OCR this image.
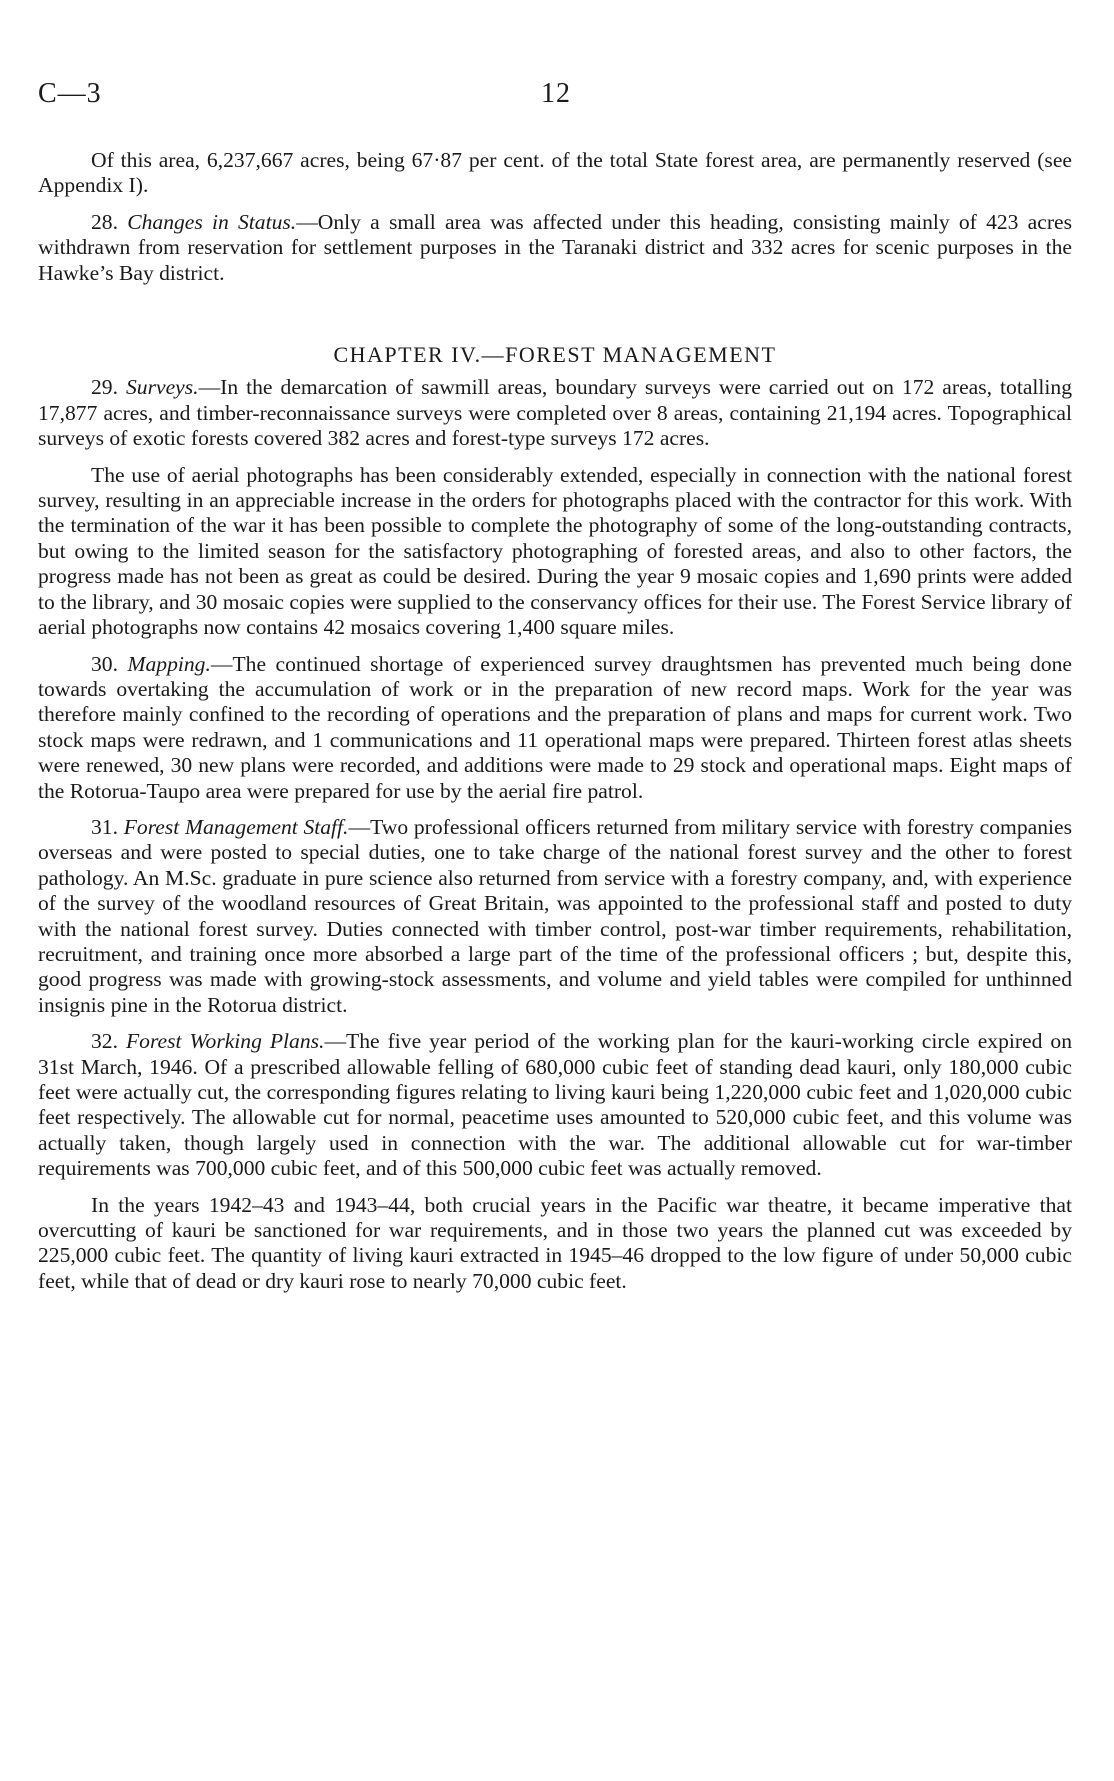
C—3	12

Of this area, 6,237,667 acres, being 67·87 per cent. of the total State forest area, are permanently reserved (see Appendix I).

28. Changes in Status.—Only a small area was affected under this heading, consisting mainly of 423 acres withdrawn from reservation for settlement purposes in the Taranaki district and 332 acres for scenic purposes in the Hawke’s Bay district.

CHAPTER IV.—FOREST MANAGEMENT

29. Surveys.—In the demarcation of sawmill areas, boundary surveys were carried out on 172 areas, totalling 17,877 acres, and timber-reconnaissance surveys were completed over 8 areas, containing 21,194 acres. Topographical surveys of exotic forests covered 382 acres and forest-type surveys 172 acres.

The use of aerial photographs has been considerably extended, especially in connection with the national forest survey, resulting in an appreciable increase in the orders for photographs placed with the contractor for this work. With the termination of the war it has been possible to complete the photography of some of the long-outstanding contracts, but owing to the limited season for the satisfactory photographing of forested areas, and also to other factors, the progress made has not been as great as could be desired. During the year 9 mosaic copies and 1,690 prints were added to the library, and 30 mosaic copies were supplied to the conservancy offices for their use. The Forest Service library of aerial photographs now contains 42 mosaics covering 1,400 square miles.

30. Mapping.—The continued shortage of experienced survey draughtsmen has prevented much being done towards overtaking the accumulation of work or in the preparation of new record maps. Work for the year was therefore mainly confined to the recording of operations and the preparation of plans and maps for current work. Two stock maps were redrawn, and 1 communications and 11 operational maps were prepared. Thirteen forest atlas sheets were renewed, 30 new plans were recorded, and additions were made to 29 stock and operational maps. Eight maps of the Rotorua-Taupo area were prepared for use by the aerial fire patrol.

31. Forest Management Staff.—Two professional officers returned from military service with forestry companies overseas and were posted to special duties, one to take charge of the national forest survey and the other to forest pathology. An M.Sc. graduate in pure science also returned from service with a forestry company, and, with experience of the survey of the woodland resources of Great Britain, was appointed to the professional staff and posted to duty with the national forest survey. Duties connected with timber control, post-war timber requirements, rehabilitation, recruitment, and training once more absorbed a large part of the time of the professional officers ; but, despite this, good progress was made with growing-stock assessments, and volume and yield tables were compiled for unthinned insignis pine in the Rotorua district.

32. Forest Working Plans.—The five year period of the working plan for the kauri-working circle expired on 31st March, 1946. Of a prescribed allowable felling of 680,000 cubic feet of standing dead kauri, only 180,000 cubic feet were actually cut, the corresponding figures relating to living kauri being 1,220,000 cubic feet and 1,020,000 cubic feet respectively. The allowable cut for normal, peacetime uses amounted to 520,000 cubic feet, and this volume was actually taken, though largely used in connection with the war. The additional allowable cut for war-timber requirements was 700,000 cubic feet, and of this 500,000 cubic feet was actually removed.

In the years 1942–43 and 1943–44, both crucial years in the Pacific war theatre, it became imperative that overcutting of kauri be sanctioned for war requirements, and in those two years the planned cut was exceeded by 225,000 cubic feet. The quantity of living kauri extracted in 1945–46 dropped to the low figure of under 50,000 cubic feet, while that of dead or dry kauri rose to nearly 70,000 cubic feet.
